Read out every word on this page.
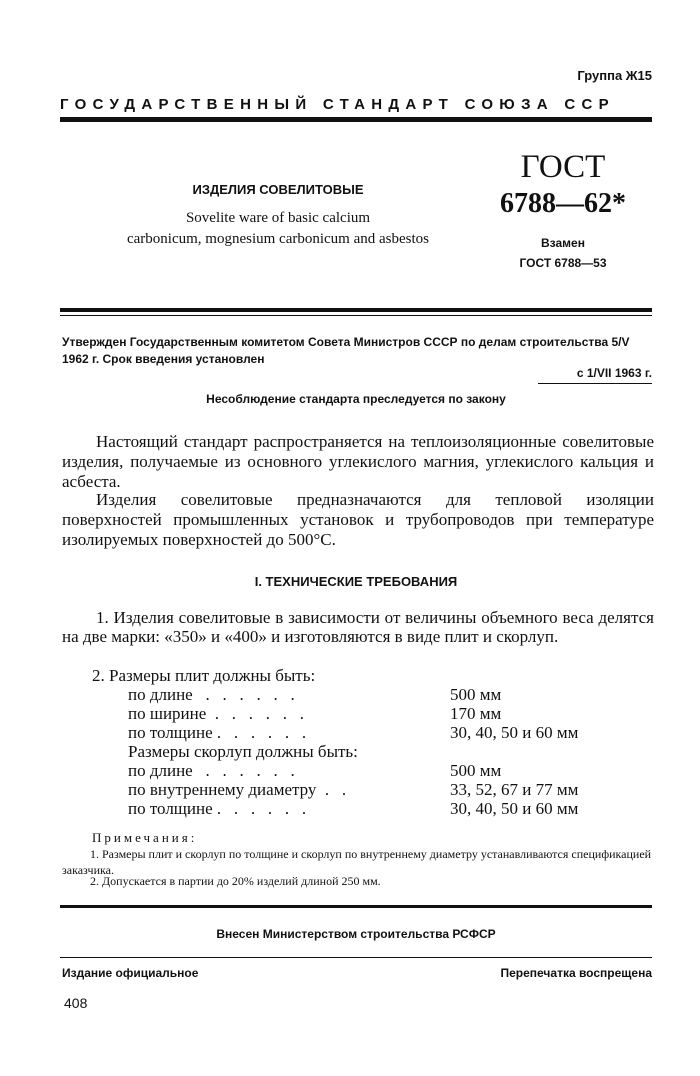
Группа Ж15
ГОСУДАРСТВЕННЫЙ СТАНДАРТ СОЮЗА ССР
ИЗДЕЛИЯ СОВЕЛИТОВЫЕ
Sovelite ware of basic calcium
carbonicum, mognesium carbonicum and asbestos
ГОСТ
6788—62*
Взамен
ГОСТ 6788—53
Утвержден Государственным комитетом Совета Министров СССР по делам строительства 5/V 1962 г. Срок введения установлен
с 1/VII 1963 г.
Несоблюдение стандарта преследуется по закону
Настоящий стандарт распространяется на теплоизоляционные совелитовые изделия, получаемые из основного углекислого магния, углекислого кальция и асбеста.
Изделия совелитовые предназначаются для тепловой изоляции поверхностей промышленных установок и трубопроводов при температуре изолируемых поверхностей до 500°С.
I. ТЕХНИЧЕСКИЕ ТРЕБОВАНИЯ
1. Изделия совелитовые в зависимости от величины объемного веса делятся на две марки: «350» и «400» и изготовляются в виде плит и скорлуп.
2. Размеры плит должны быть:
по длине   .   .   .   .   .   .	500 мм
по ширине  .   .   .   .   .   .	170 мм
по толщине .   .   .   .   .   .	30, 40, 50 и 60 мм
Размеры скорлуп должны быть:
по длине   .   .   .   .   .   .	500 мм
по внутреннему диаметру  .   .	33, 52, 67 и 77 мм
по толщине .   .   .   .   .   .	30, 40, 50 и 60 мм
Примечания:
1. Размеры плит и скорлуп по толщине и скорлуп по внутреннему диаметру устанавливаются спецификацией заказчика.
2. Допускается в партии до 20% изделий длиной 250 мм.
Внесен Министерством строительства РСФСР
Издание официальное	Перепечатка воспрещена
408
